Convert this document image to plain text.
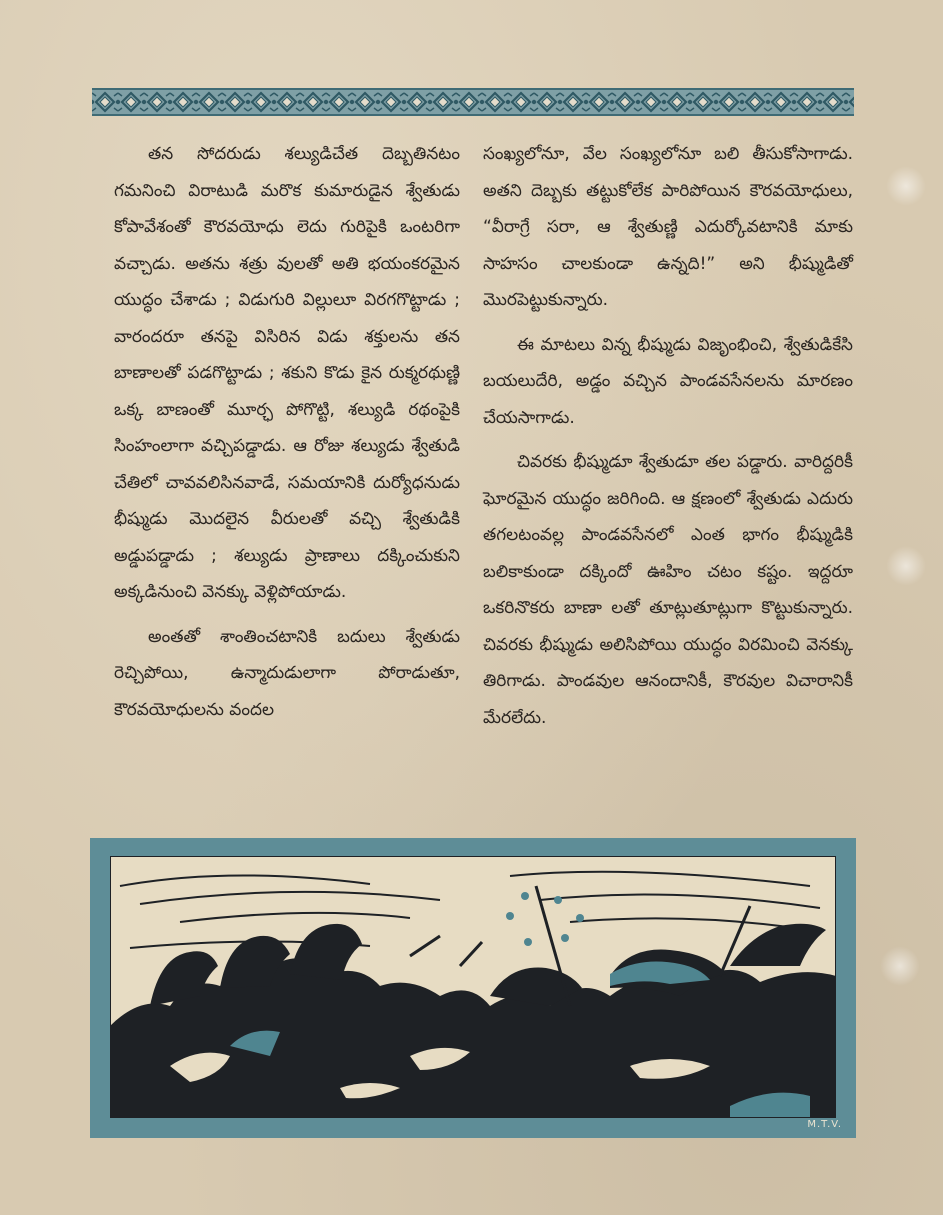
తన సోదరుడు శల్యుడిచేత దెబ్బతినటం గమనించి విరాటుడి మరొక కుమారుడైన శ్వేతుడు కోపావేశంతో కౌరవయోధు లెదు గురిపైకి ఒంటరిగా వచ్చాడు. అతను శత్రు వులతో అతి భయంకరమైన యుద్ధం చేశాడు ; విడుగురి విల్లులూ విరగగొట్టాడు ; వారందరూ తనపై విసిరిన విడు శక్తులను తన బాణాలతో పడగొట్టాడు ; శకుని కొడు కైన రుక్మరథుణ్ణి ఒక్క బాణంతో మూర్ఛ పోగొట్టి, శల్యుడి రథంపైకి సింహంలాగా వచ్చిపడ్డాడు. ఆ రోజు శల్యుడు శ్వేతుడి చేతిలో చావవలిసినవాడే, సమయానికి దుర్యోధనుడు భీష్ముడు మొదలైన వీరులతో వచ్చి శ్వేతుడికి అడ్డుపడ్డాడు ; శల్యుడు ప్రాణాలు దక్కించుకుని అక్కడినుంచి వెనక్కు వెళ్లిపోయాడు.

అంతతో శాంతించటానికి బదులు శ్వేతుడు రెచ్చిపోయి, ఉన్మాదుడులాగా పోరాడుతూ, కౌరవయోధులను వందల

సంఖ్యలోనూ, వేల సంఖ్యలోనూ బలి తీసుకోసాగాడు. అతని దెబ్బకు తట్టుకోలేక పారిపోయిన కౌరవయోధులు, “వీరాగ్రే సరా, ఆ శ్వేతుణ్ణి ఎదుర్కోవటానికి మాకు సాహసం చాలకుండా ఉన్నది!” అని భీష్ముడితో మొరపెట్టుకున్నారు.

ఈ మాటలు విన్న భీష్ముడు విజృంభించి, శ్వేతుడికేసి బయలుదేరి, అడ్డం వచ్చిన పాండవసేనలను మారణం చేయసాగాడు.

చివరకు భీష్ముడూ శ్వేతుడూ తల పడ్డారు. వారిద్దరికీ ఘోరమైన యుద్ధం జరిగింది. ఆ క్షణంలో శ్వేతుడు ఎదురు తగలటంవల్ల పాండవసేనలో ఎంత భాగం భీష్ముడికి బలికాకుండా దక్కిందో ఊహిం చటం కష్టం. ఇద్దరూ ఒకరినొకరు బాణా లతో తూట్లుతూట్లుగా కొట్టుకున్నారు. చివరకు భీష్ముడు అలిసిపోయి యుద్ధం విరమించి వెనక్కు తిరిగాడు. పాండవుల ఆనందానికీ, కౌరవుల విచారానికీ మేరలేదు.

M.T.V.
